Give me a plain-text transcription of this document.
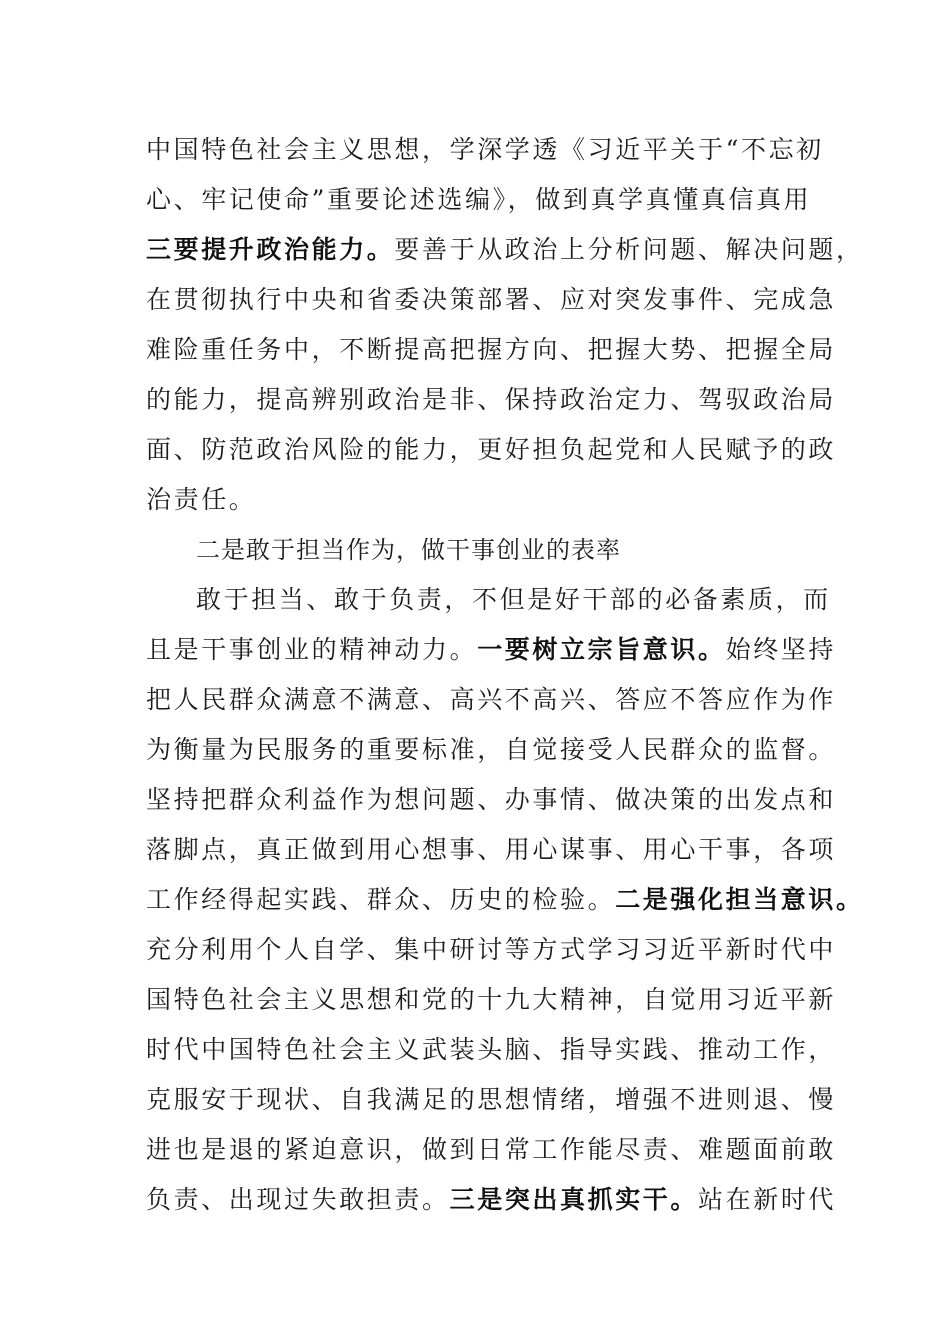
中国特色社会主义思想，学深学透《习近平关于“不忘初
心、牢记使命”重要论述选编》，做到真学真懂真信真用
三要提升政治能力。要善于从政治上分析问题、解决问题，
在贯彻执行中央和省委决策部署、应对突发事件、完成急
难险重任务中，不断提高把握方向、把握大势、把握全局
的能力，提高辨别政治是非、保持政治定力、驾驭政治局
面、防范政治风险的能力，更好担负起党和人民赋予的政
治责任。
二是敢于担当作为，做干事创业的表率
敢于担当、敢于负责，不但是好干部的必备素质，而
且是干事创业的精神动力。一要树立宗旨意识。始终坚持
把人民群众满意不满意、高兴不高兴、答应不答应作为作
为衡量为民服务的重要标准，自觉接受人民群众的监督。
坚持把群众利益作为想问题、办事情、做决策的出发点和
落脚点，真正做到用心想事、用心谋事、用心干事，各项
工作经得起实践、群众、历史的检验。二是强化担当意识。
充分利用个人自学、集中研讨等方式学习习近平新时代中
国特色社会主义思想和党的十九大精神，自觉用习近平新
时代中国特色社会主义武装头脑、指导实践、推动工作，
克服安于现状、自我满足的思想情绪，增强不进则退、慢
进也是退的紧迫意识，做到日常工作能尽责、难题面前敢
负责、出现过失敢担责。三是突出真抓实干。站在新时代
